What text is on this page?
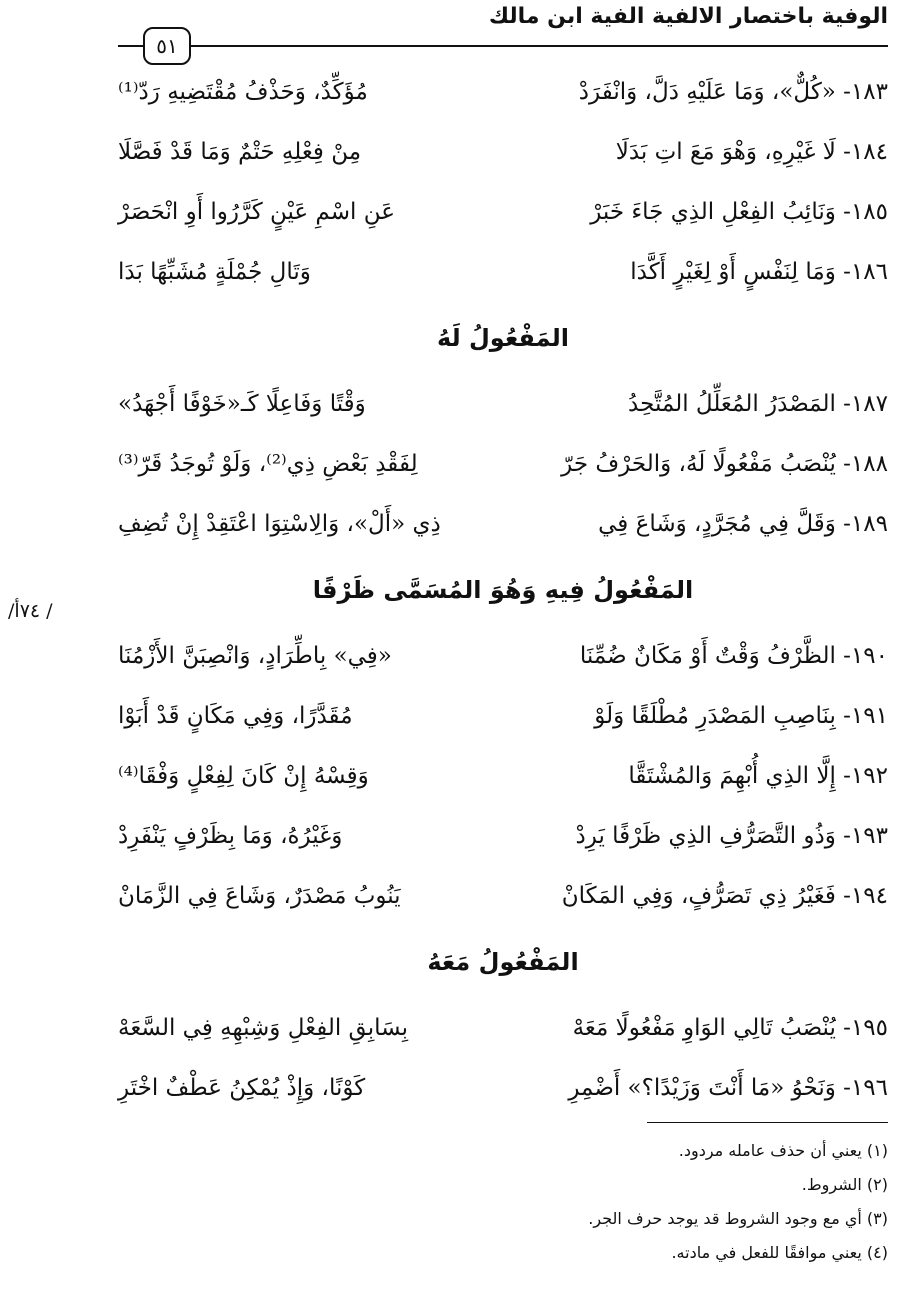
الوفية باختصار الالفية الفية ابن مالك
٥١
/ ٧٤أ/
١٨٣- «كُلٌّ»، وَمَا عَلَيْهِ دَلَّ، وَانْفَرَدْ
مُؤَكِّدٌ، وَحَذْفُ مُقْتَضِيهِ رَدّ⁽¹⁾
١٨٤- لَا غَيْرِهِ، وَهْوَ مَعَ اتِ بَدَلَا
مِنْ فِعْلِهِ حَتْمٌ وَمَا قَدْ فَصَّلَا
١٨٥- وَنَائِبُ الفِعْلِ الذِي جَاءَ خَبَرْ
عَنِ اسْمِ عَيْنٍ كَرَّرُوا أَوِ انْحَصَرْ
١٨٦- وَمَا لِنَفْسٍ أَوْ لِغَيْرٍ أَكَّدَا
وَتَالِ جُمْلَةٍ مُشَبِّهًا بَدَا
المَفْعُولُ لَهُ
١٨٧- المَصْدَرُ المُعَلِّلُ المُتَّحِدُ
وَقْتًا وَفَاعِلًا كَـ«خَوْفًا أَجْهَدُ»
١٨٨- يُنْصَبُ مَفْعُولًا لَهُ، وَالحَرْفُ جَرّ
لِفَقْدِ بَعْضِ ذِي⁽²⁾، وَلَوْ تُوجَدُ قَرّ⁽³⁾
١٨٩- وَقَلَّ فِي مُجَرَّدٍ، وَشَاعَ فِي
ذِي «أَلْ»، وَالِاسْتِوَا اعْتَقِدْ إِنْ تُضِفِ
المَفْعُولُ فِيهِ وَهُوَ المُسَمَّى ظَرْفًا
١٩٠- الظَّرْفُ وَقْتٌ أَوْ مَكَانٌ ضُمِّنَا
«فِي» بِاطِّرَادٍ، وَانْصِبَنَّ الأَزْمُنَا
١٩١- بِنَاصِبِ المَصْدَرِ مُطْلَقًا وَلَوْ
مُقَدَّرًا، وَفِي مَكَانٍ قَدْ أَبَوْا
١٩٢- إِلَّا الذِي أُبْهِمَ وَالمُشْتَقَّا
وَقِسْهُ إِنْ كَانَ لِفِعْلٍ وَفْقَا⁽⁴⁾
١٩٣- وَذُو التَّصَرُّفِ الذِي ظَرْفًا يَرِدْ
وَغَيْرُهُ، وَمَا بِظَرْفٍ يَنْفَرِدْ
١٩٤- فَغَيْرُ ذِي تَصَرُّفٍ، وَفِي المَكَانْ
يَنُوبُ مَصْدَرٌ، وَشَاعَ فِي الزَّمَانْ
المَفْعُولُ مَعَهُ
١٩٥- يُنْصَبُ تَالِي الوَاوِ مَفْعُولًا مَعَهْ
بِسَابِقِ الفِعْلِ وَشِبْهِهِ فِي السَّعَهْ
١٩٦- وَنَحْوُ «مَا أَنْتَ وَزَيْدًا؟» أَضْمِرِ
كَوْنًا، وَإِذْ يُمْكِنُ عَطْفٌ اخْتَرِ
(١) يعني أن حذف عامله مردود.
(٢) الشروط.
(٣) أي مع وجود الشروط قد يوجد حرف الجر.
(٤) يعني موافقًا للفعل في مادته.
